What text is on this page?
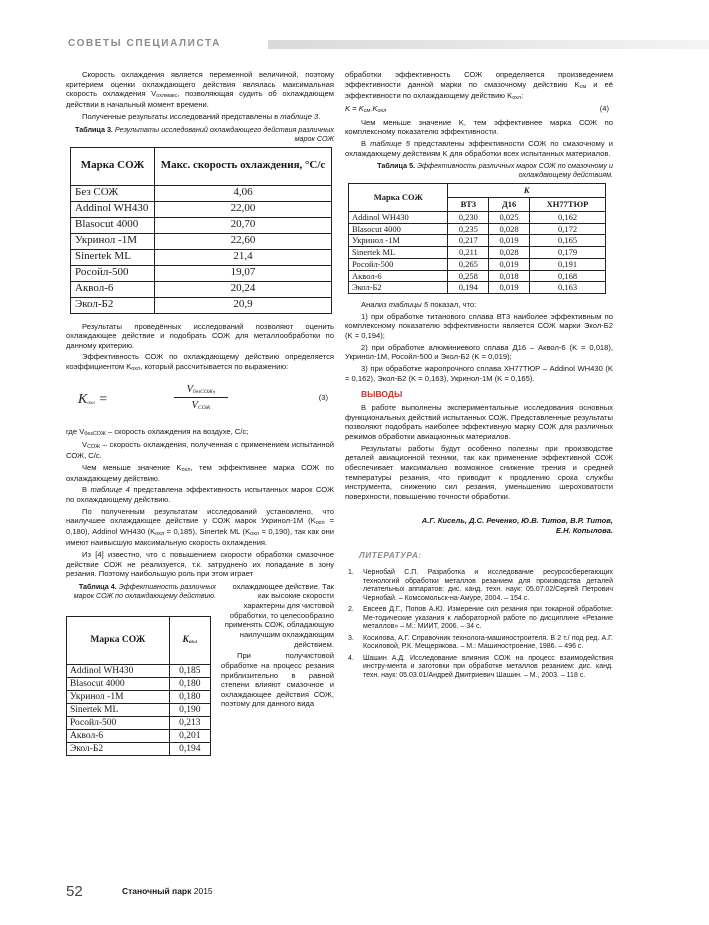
СОВЕТЫ СПЕЦИАЛИСТА

Скорость охлаждения является переменной величиной, поэтому критерием оценки охлаждающего действия являлась максимальная скорость охлаждения Vохлмакс, позволяющая судить об охлаждающем действии в начальный момент времени.

Полученные результаты исследований представлены в таблице 3.

Таблица 3. Результаты исследований охлаждающего действия различных марок СОЖ
Марка СОЖ	Макс. скорость охлаждения, °С/с
Без СОЖ	4,06
Addinol WH430	22,00
Blasocut 4000	20,70
Укринол -1М	22,60
Sinertek ML	21,4
Росойл-500	19,07
Аквол-6	20,24
Экол-Б2	20,9

Результаты проведённых исследований позволяют оценить охлаждающее действие и подобрать СОЖ для металлообработки по данному критерию.

Эффективность СОЖ по охлаждающему действию определяется коэффициентом Kохл, который рассчитывается по выражению:

Kохл =
VбезСОЖ,
VСОЖ
(3)

где VбезСОЖ – скорость охлаждения на воздухе, С/с;

VСОЖ – скорость охлаждения, полученная с применением испытанной СОЖ, С/с.

Чем меньше значение Kохл, тем эффективнее марка СОЖ по охлаждающему действию.

В таблице 4 представлена эффективность испытанных марок СОЖ по охлаждающему действию.

По полученным результатам исследований установлено, что наилучшее охлаждающее действие у СОЖ марок Укринол-1М (Kохл = 0,180), Addinol WH430 (Kохл = 0,185), Sinertek ML (Kохл = 0,190), так как они имеют наивысшую максимальную скорость охлаждения.

Из [4] известно, что с повышением скорости обработки смазочное действие СОЖ не реализуется, т.к. затруднено их попадание в зону резания. Поэтому наибольшую роль при этом играет

Таблица 4. Эффективность различных марок СОЖ по охлаждающему действию.
Марка СОЖ	Kохл
Addinol WH430	0,185
Blasocut 4000	0,180
Укринол -1М	0,180
Sinertek ML	0,190
Росойл-500	0,213
Аквол-6	0,201
Экол-Б2	0,194

охлаждающее действие. Так как высокие скорости характерны для чистовой обработки, то целесообразно применять СОЖ, обладающую наилучшим охлаждающим действием.

При получистовой обработке на процесс резания приблизительно в равной степени влияют смазочное и охлаждающее действия СОЖ, поэтому для данного вида

обработки эффективность СОЖ определяется произведением эффективности данной марки по смазочному действию Kсм и её эффективности по охлаждающему действию Kохл:

K = Kсм.Kохл	(4)

Чем меньше значение K, тем эффективнее марка СОЖ по комплексному показателю эффективности.

В таблице 5 представлены эффективности СОЖ по смазочному и охлаждающему действиям K для обработки всех испытанных материалов.

Таблица 5. Эффективность различных марок СОЖ по смазочному и охлаждающему действиям.
Марка СОЖ	K		
	ВТ3	Д16	ХН77ТЮР
Addinol WH430	0,230	0,025	0,162
Blasocut 4000	0,235	0,028	0,172
Укринол -1М	0,217	0,019	0,165
Sinertek ML	0,211	0,028	0,179
Росойл-500	0,265	0,019	0,191
Аквол-6	0,258	0,018	0,168
Экол-Б2	0,194	0,019	0,163

Анализ таблицы 5 показал, что:

1) при обработке титанового сплава ВТ3 наиболее эффективным по комплексному показателю эффективности является СОЖ марки Экол-Б2 (K = 0,194);

2) при обработке алюминиевого сплава Д16 – Аквол-6 (K = 0,018), Укринол-1М, Росойл-500 и Экол-Б2 (K = 0,019);

3) при обработке жаропрочного сплава ХН77ТЮР – Addinol WH430 (K = 0,162), Экол-Б2 (K = 0,163), Укринол-1М (K = 0,165).

ВЫВОДЫ

В работе выполнены экспериментальные исследования основных функциональных действий испытанных СОЖ. Представленные результаты позволяют подобрать наиболее эффективную марку СОЖ для различных режимов обработки авиационных материалов.

Результаты работы будут особенно полезны при производстве деталей авиационной техники, так как применение эффективной СОЖ обеспечивает максимально возможное снижение трения и средней температуры резания, что приводит к продлению срока службы инструмента, снижению сил резания, уменьшению шероховатости поверхности, повышению точности обработки.

А.Г. Кисель, Д.С. Реченко, Ю.В. Титов, В.Р. Титов,
Е.Н. Копылова.
ЛИТЕРАТУРА:
1. Чернобай С.П. Разработка и исследование ресурсосберегающих технологий обработки металлов резанием для производства деталей летательных аппаратов: дис. канд. техн. наук: 05.07.02/Сергей Петрович Чернобай. – Комсомольск-на-Амуре, 2004. – 154 с.
2. Евсеев Д.Г., Попов А.Ю. Измерение сил резания при токарной обработке: Ме-тодические указания к лабораторной работе по дисциплине «Резание металлов» – М.: МИИТ, 2006. – 34 с.
3. Косилова, А.Г. Справочник технолога-машиностроителя. В 2 т./ под ред. А.Г. Косиловой, Р.К. Мещерякова. – М.: Машиностроение, 1986. – 496 с.
4. Шашин А.Д. Исследование влияния СОЖ на процесс взаимодействия инстру-мента и заготовки при обработке металлов резанием: дис. канд. техн. наук: 05.03.01/Андрей Дмитриевич Шашин. – М., 2003. – 118 с.
52	Станочный парк 2015
